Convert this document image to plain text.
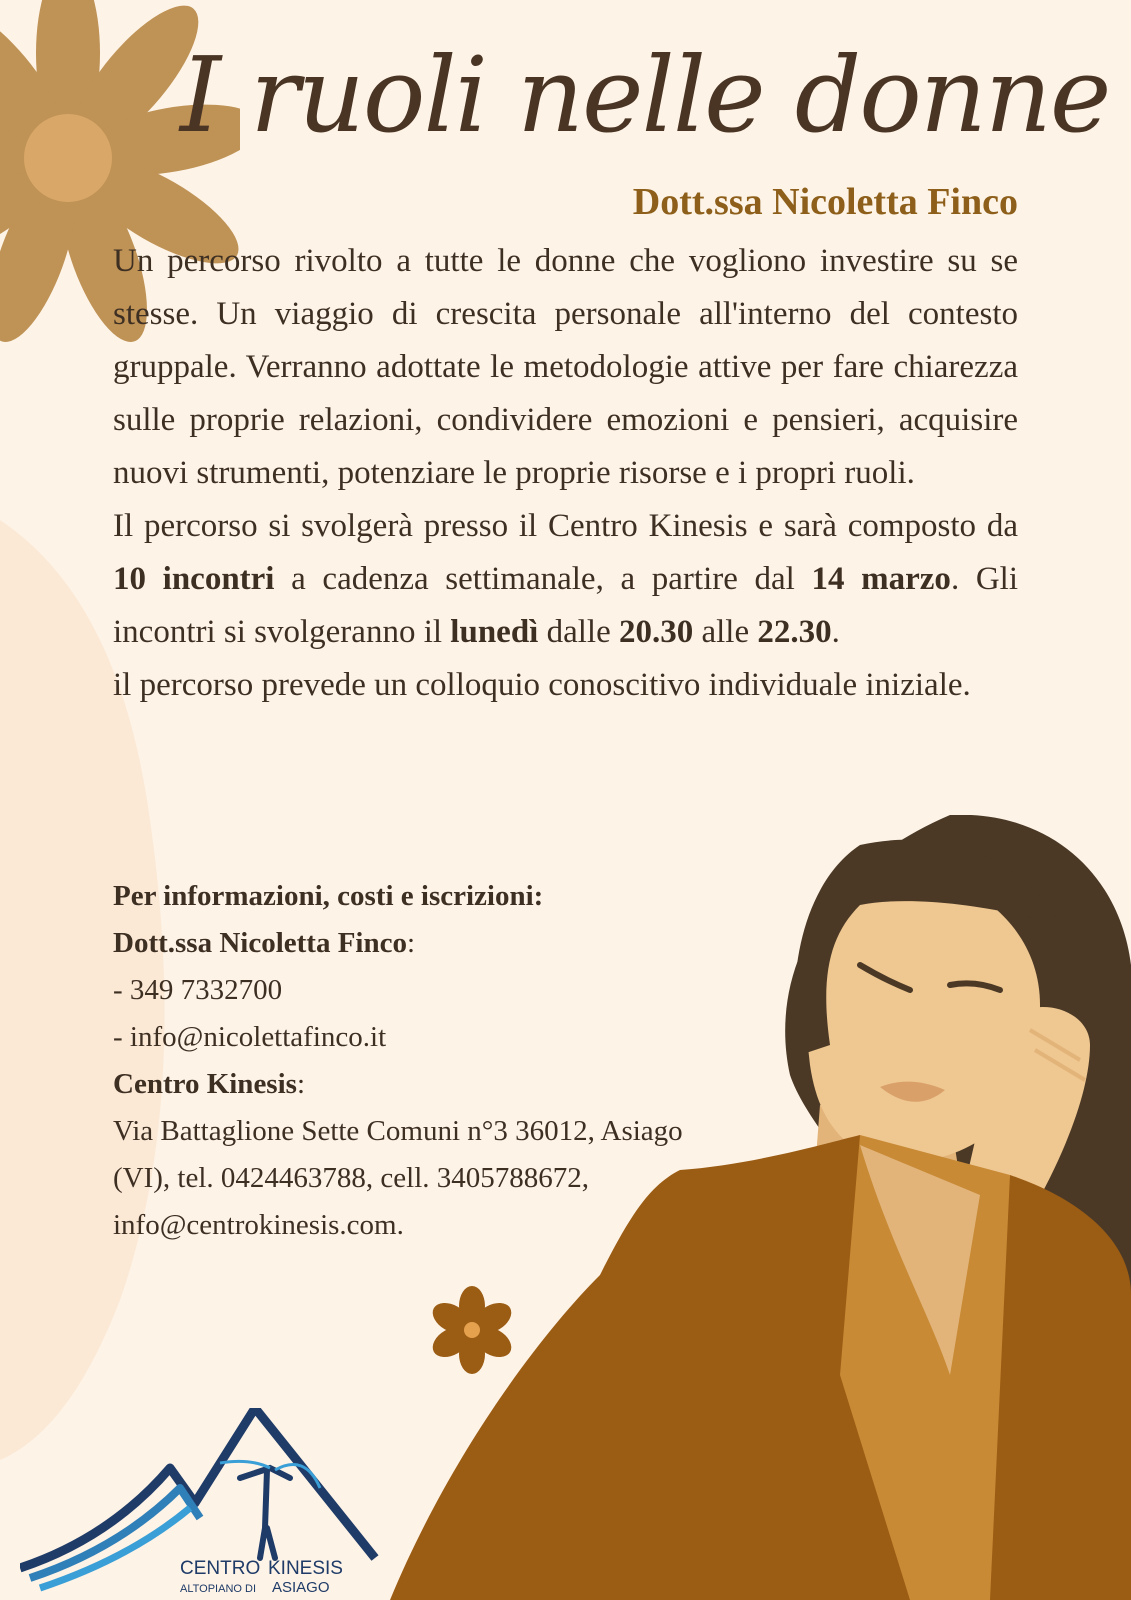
I ruoli nelle donne
Dott.ssa Nicoletta Finco

Un percorso rivolto a tutte le donne che vogliono investire su se stesse. Un viaggio di crescita personale all'interno del contesto gruppale. Verranno adottate le metodologie attive per fare chiarezza sulle proprie relazioni, condividere emozioni e pensieri, acquisire nuovi strumenti, potenziare le proprie risorse e i propri ruoli.

Il percorso si svolgerà presso il Centro Kinesis e sarà composto da 10 incontri a cadenza settimanale, a partire dal 14 marzo. Gli incontri si svolgeranno il lunedì dalle 20.30 alle 22.30.

il percorso prevede un colloquio conoscitivo individuale iniziale.

Per informazioni, costi e iscrizioni:

Dott.ssa Nicoletta Finco:

- 349 7332700

- info@nicolettafinco.it

Centro Kinesis:

Via Battaglione Sette Comuni n°3 36012, Asiago

(VI), tel. 0424463788, cell. 3405788672,

info@centrokinesis.com.

CENTRO KINESIS
ALTOPIANO DI ASIAGO
